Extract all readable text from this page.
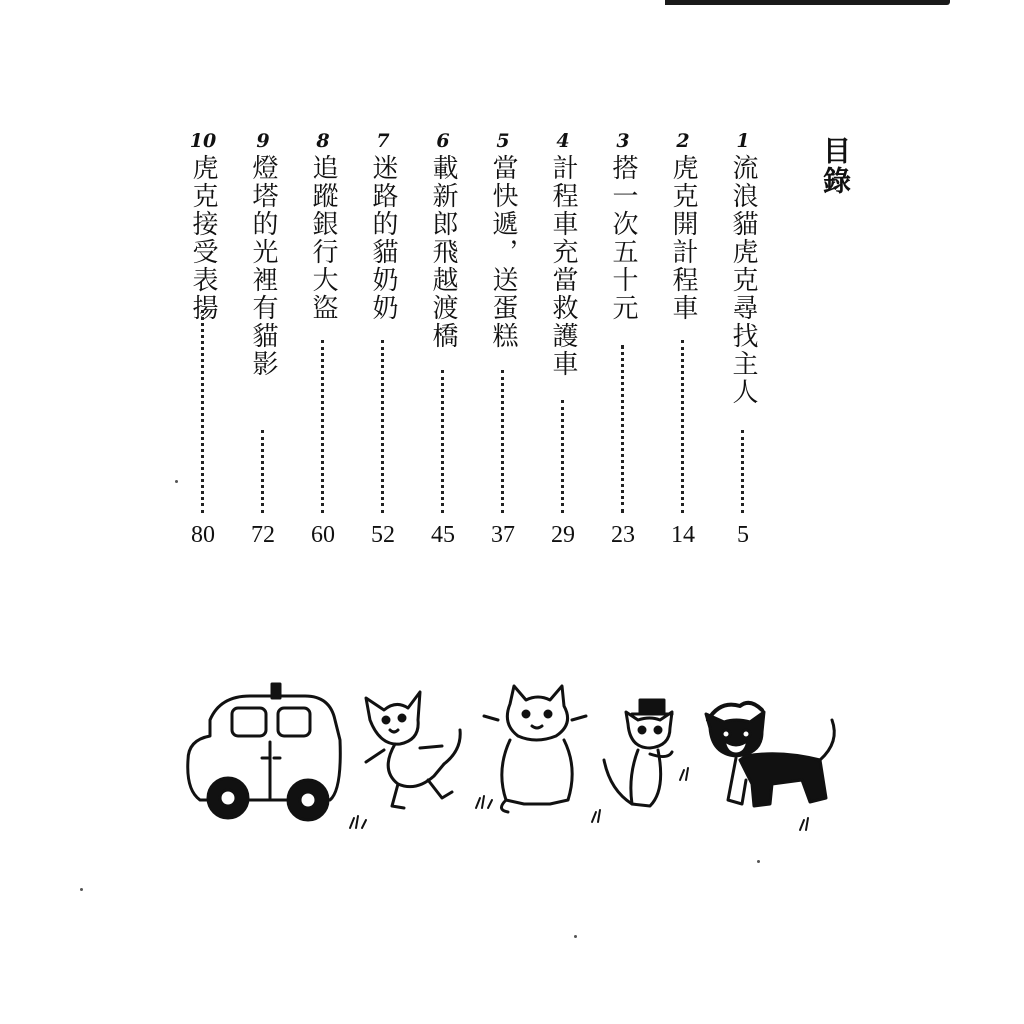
目錄
1
流浪貓虎克尋找主人
5
2
虎克開計程車
14
3
搭一次五十元
23
4
計程車充當救護車
29
5
當快遞，送蛋糕
37
6
載新郎飛越渡橋
45
7
迷路的貓奶奶
52
8
追蹤銀行大盜
60
9
燈塔的光裡有貓影
72
10
虎克接受表揚
80
